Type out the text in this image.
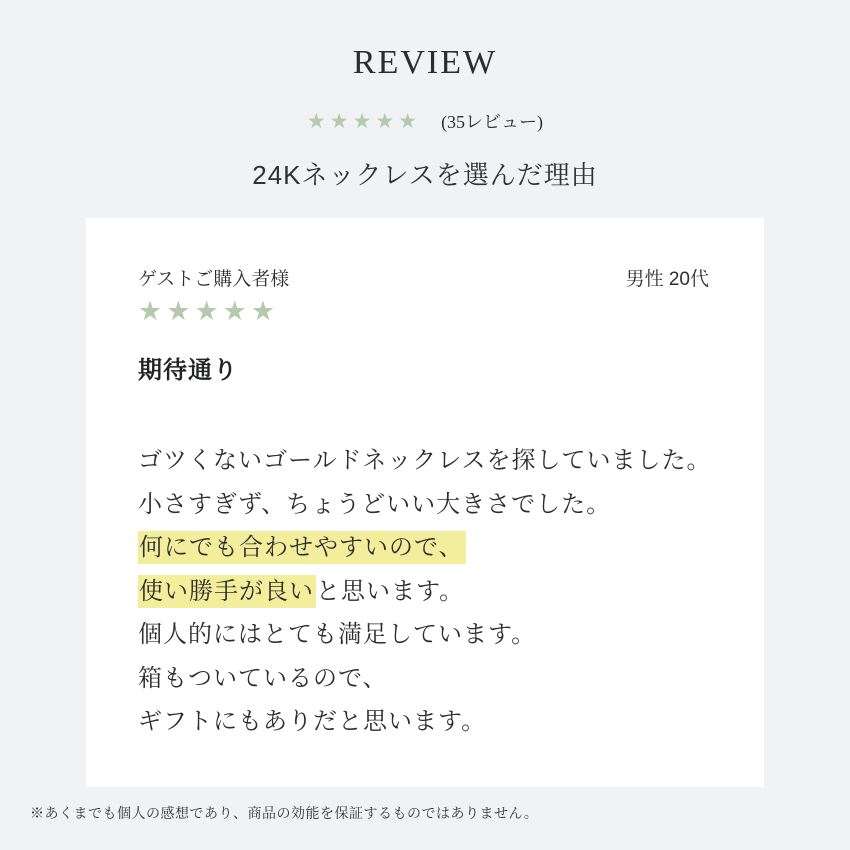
REVIEW
★★★★★ (35レビュー)
24Kネックレスを選んだ理由
ゲストご購入者様	男性 20代
★★★★★
期待通り
ゴツくないゴールドネックレスを探していました。
小さすぎず、ちょうどいい大きさでした。
何にでも合わせやすいので、
使い勝手が良いと思います。
個人的にはとても満足しています。
箱もついているので、
ギフトにもありだと思います。
※あくまでも個人の感想であり、商品の効能を保証するものではありません。
